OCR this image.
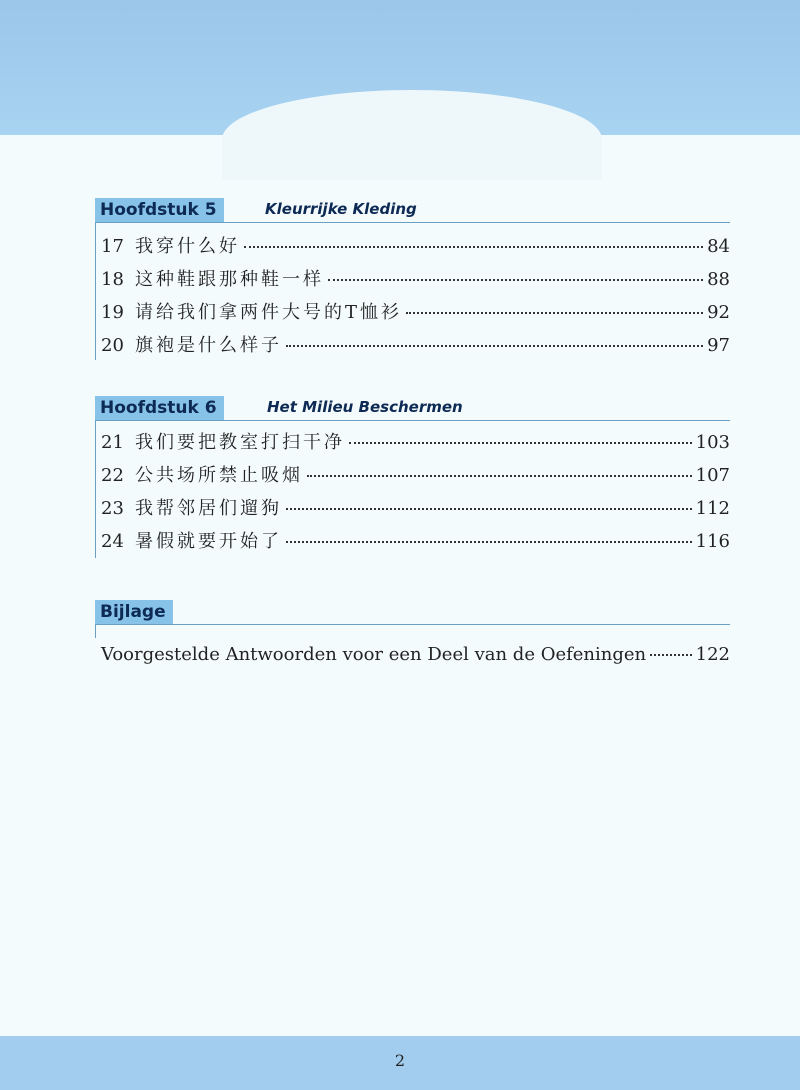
Hoofdstuk 5	Kleurrijke Kleding
17 我穿什么好	84
18 这种鞋跟那种鞋一样	88
19 请给我们拿两件大号的T恤衫	92
20 旗袍是什么样子	97
Hoofdstuk 6	Het Milieu Beschermen
21 我们要把教室打扫干净	103
22 公共场所禁止吸烟	107
23 我帮邻居们遛狗	112
24 暑假就要开始了	116
Bijlage
Voorgestelde Antwoorden voor een Deel van de Oefeningen	122
2
